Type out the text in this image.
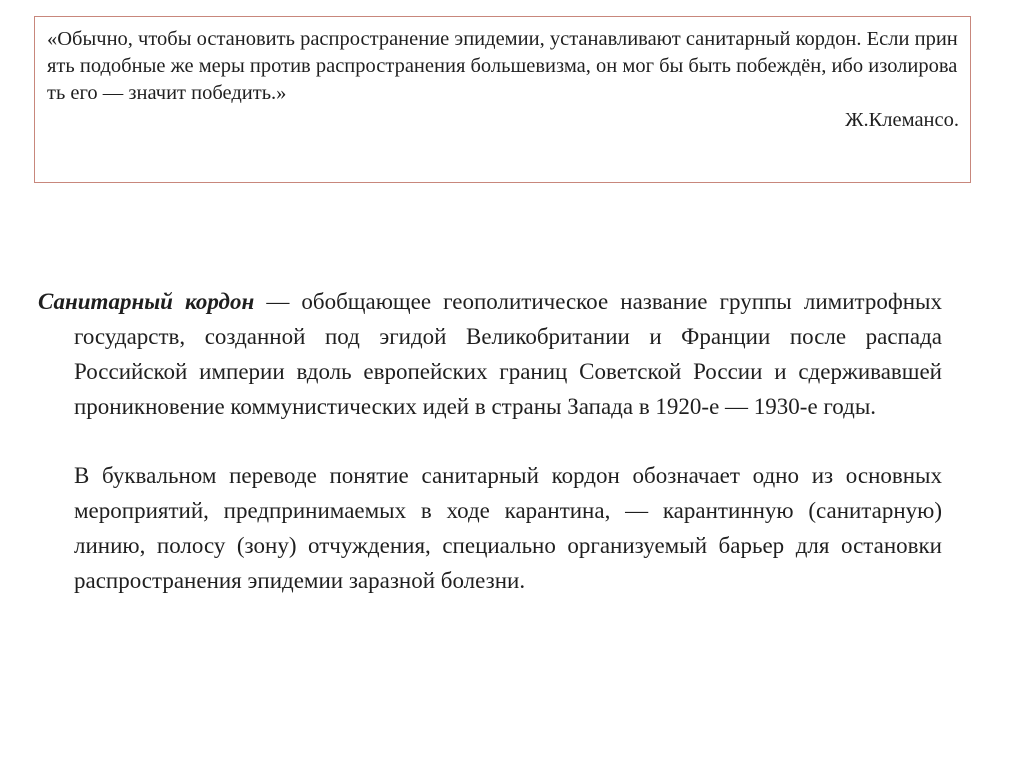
«Обычно, чтобы остановить распространение эпидемии, устанавливают санитарный кордон. Если принять подобные же меры против распространения большевизма, он мог бы быть побеждён, ибо изолировать его — значит победить.»

Ж.Клемансо.

Санитарный кордон — обобщающее геополитическое название группы лимитрофных государств, созданной под эгидой Великобритании и Франции после распада Российской империи вдоль европейских границ Советской России и сдерживавшей проникновение коммунистических идей в страны Запада в 1920-е — 1930-е годы.

В буквальном переводе понятие санитарный кордон обозначает одно из основных мероприятий, предпринимаемых в ходе карантина, — карантинную (санитарную) линию, полосу (зону) отчуждения, специально организуемый барьер для остановки распространения эпидемии заразной болезни.
